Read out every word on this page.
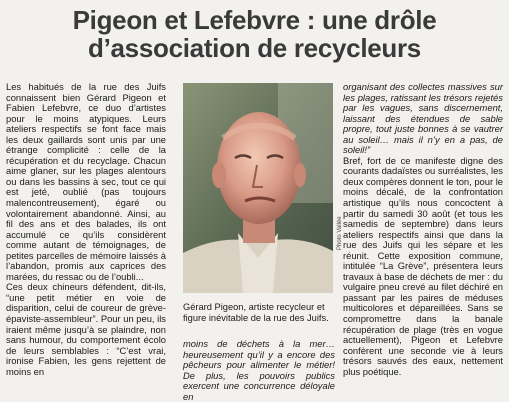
Pigeon et Lefebvre : une drôle
d’association de recycleurs

Les habitués de la rue des Juifs connaissent bien Gérard Pigeon et Fabien Lefebvre, ce duo d’artistes pour le moins atypiques. Leurs ateliers respectifs se font face mais les deux gaillards sont unis par une étrange complicité : celle de la récupération et du recyclage. Chacun aime glaner, sur les plages alentours ou dans les bassins à sec, tout ce qui est jeté, oublié (pas toujours malencontreusement), égaré ou volontairement abandonné. Ainsi, au fil des ans et des balades, ils ont accumulé ce qu’ils considèrent comme autant de témoignages, de petites parcelles de mémoire laissés à l’abandon, promis aux caprices des marées, du ressac ou de l’oubli...

Ces deux chineurs défendent, dit-ils, “une petit métier en voie de disparition, celui de coureur de grève-épaviste-assembleur”. Pour un peu, ils iraient même jusqu’à se plaindre, non sans humour, du comportement écolo de leurs semblables : “C’est vrai, ironise Fabien, les gens rejettent de moins en

Photo Vallée
Gérard Pigeon, artiste recycleur et figure inévitable de la rue des Juifs.
moins de déchets à la mer… heureusement qu’il y a encore des pêcheurs pour alimenter le métier! De plus, les pouvoirs publics exercent une concurrence déloyale en

organisant des collectes massives sur les plages, ratissant les trésors rejetés par les vagues, sans discernement, laissant des étendues de sable propre, tout juste bonnes à se vautrer au soleil… mais il n’y en a pas, de soleil!”

Bref, fort de ce manifeste digne des courants dadaïstes ou surréalistes, les deux compères donnent le ton, pour le moins décalé, de la confrontation artistique qu’ils nous concoctent à partir du samedi 30 août (et tous les samedis de septembre) dans leurs ateliers respectifs ainsi que dans la rue des Juifs qui les sépare et les réunit. Cette exposition commune, intitulée “La Grève”, présentera leurs travaux à base de déchets de mer : du vulgaire pneu crevé au filet déchiré en passant par les paires de méduses multicolores et dépareillées. Sans se compromettre dans la banale récupération de plage (très en vogue actuellement), Pigeon et Lefebvre confèrent une seconde vie à leurs trésors sauvés des eaux, nettement plus poétique.
